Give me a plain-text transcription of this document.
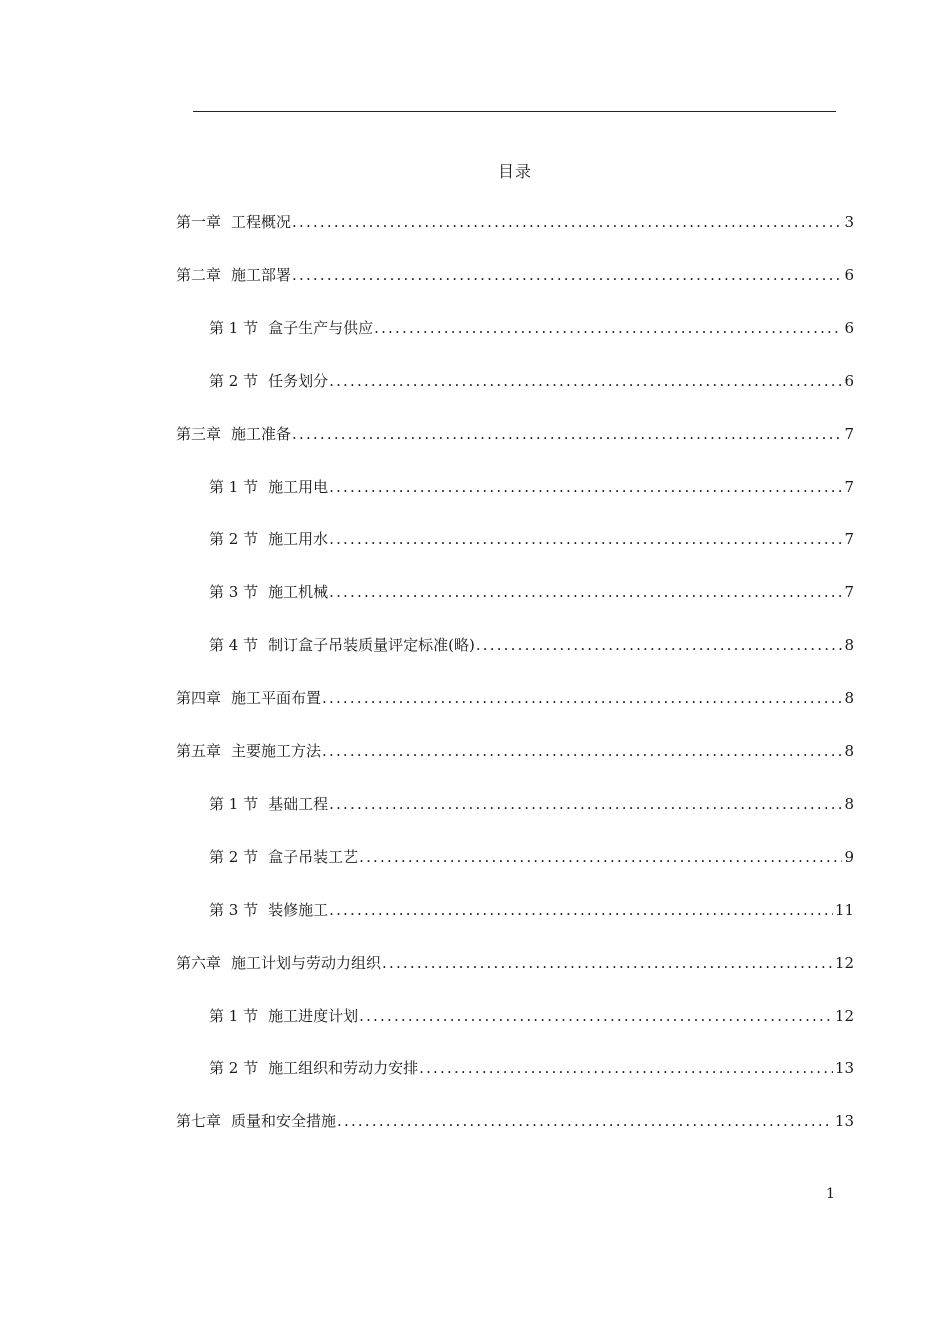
目录
第一章 工程概况 .....	3
第二章 施工部署 .....	6
第 1 节 盒子生产与供应 .....	6
第 2 节 任务划分 .....	6
第三章 施工准备 .....	7
第 1 节 施工用电 .....	7
第 2 节 施工用水 .....	7
第 3 节 施工机械 .....	7
第 4 节 制订盒子吊装质量评定标准(略) .....	8
第四章 施工平面布置 .....	8
第五章 主要施工方法 .....	8
第 1 节 基础工程 .....	8
第 2 节 盒子吊装工艺 .....	9
第 3 节 装修施工 .....	11
第六章 施工计划与劳动力组织 .....	12
第 1 节 施工进度计划 .....	12
第 2 节 施工组织和劳动力安排 .....	13
第七章 质量和安全措施 .....	13
1
